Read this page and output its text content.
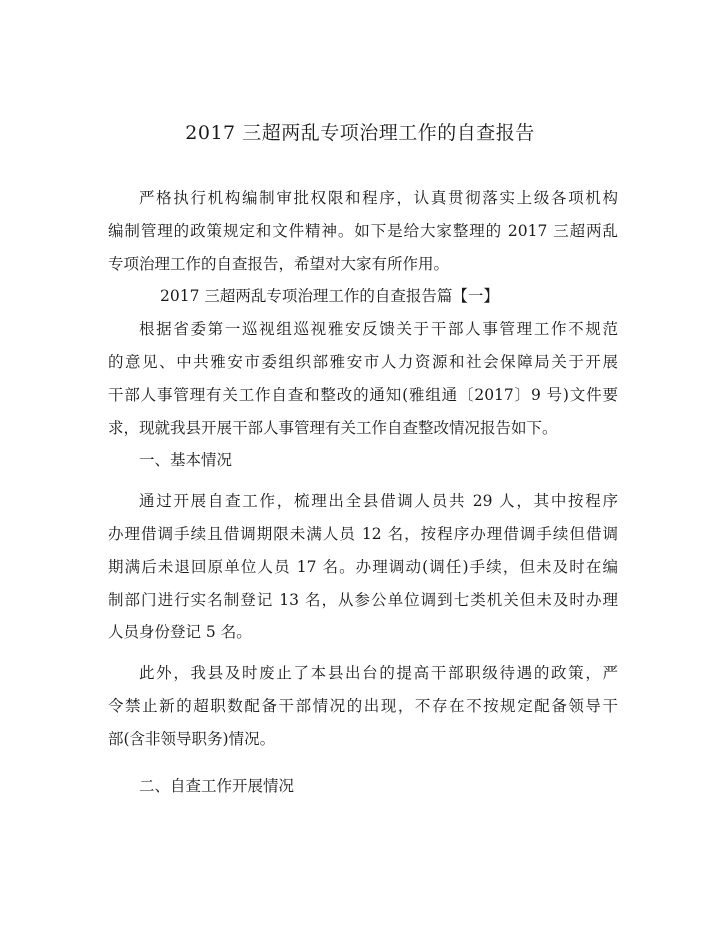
2017 三超两乱专项治理工作的自查报告
严格执行机构编制审批权限和程序，认真贯彻落实上级各项机构
编制管理的政策规定和文件精神。如下是给大家整理的 2017 三超两乱
专项治理工作的自查报告，希望对大家有所作用。
2017 三超两乱专项治理工作的自查报告篇【一】
根据省委第一巡视组巡视雅安反馈关于干部人事管理工作不规范
的意见、中共雅安市委组织部雅安市人力资源和社会保障局关于开展
干部人事管理有关工作自查和整改的通知(雅组通〔2017〕9 号)文件要
求，现就我县开展干部人事管理有关工作自查整改情况报告如下。
一、基本情况
通过开展自查工作，梳理出全县借调人员共 29 人，其中按程序
办理借调手续且借调期限未满人员 12 名，按程序办理借调手续但借调
期满后未退回原单位人员 17 名。办理调动(调任)手续，但未及时在编
制部门进行实名制登记 13 名，从参公单位调到七类机关但未及时办理
人员身份登记 5 名。
此外，我县及时废止了本县出台的提高干部职级待遇的政策，严
令禁止新的超职数配备干部情况的出现，不存在不按规定配备领导干
部(含非领导职务)情况。
二、自查工作开展情况
